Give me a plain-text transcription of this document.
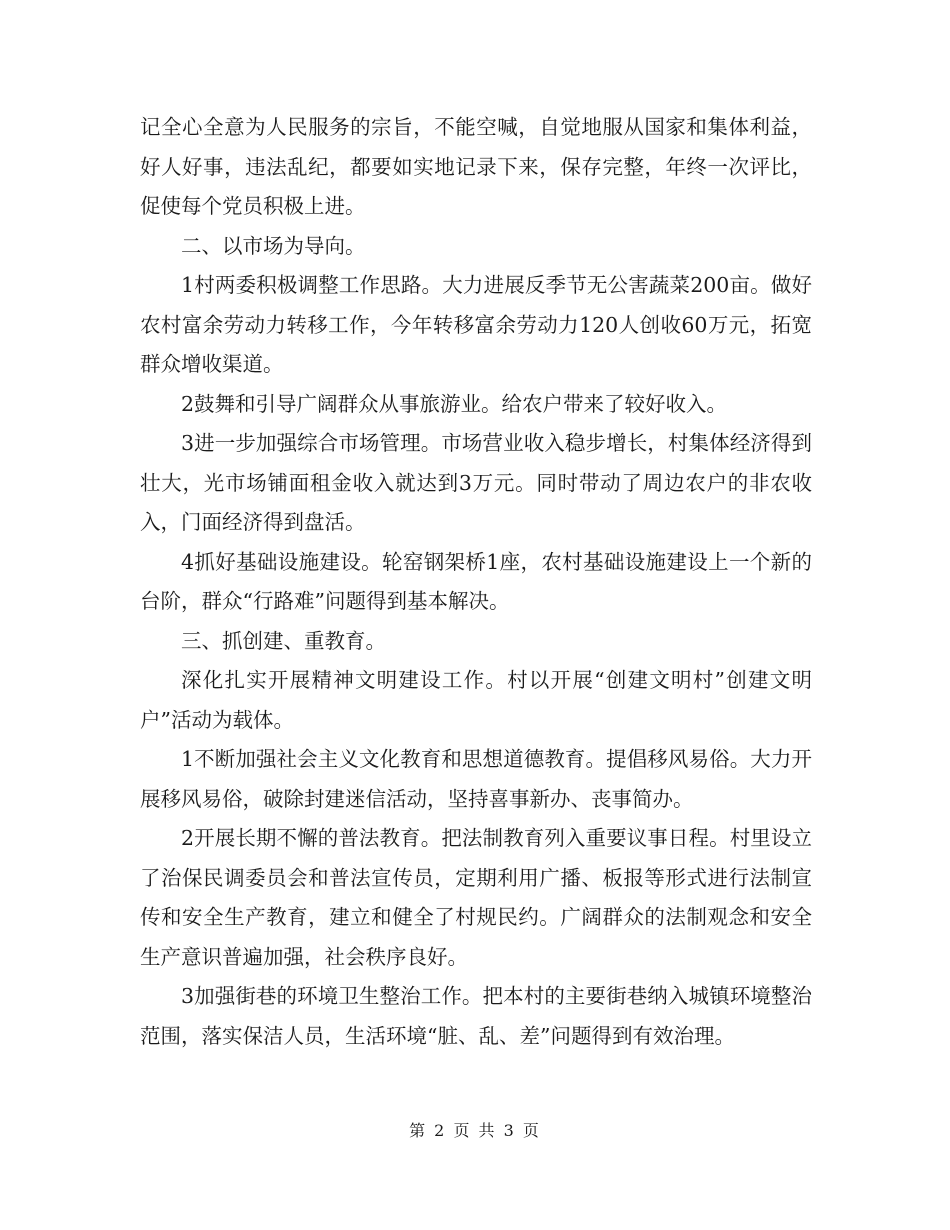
记全心全意为人民服务的宗旨，不能空喊，自觉地服从国家和集体利益，好人好事，违法乱纪，都要如实地记录下来，保存完整，年终一次评比，促使每个党员积极上进。

二、以市场为导向。

1村两委积极调整工作思路。大力进展反季节无公害蔬菜200亩。做好农村富余劳动力转移工作，今年转移富余劳动力120人创收60万元，拓宽群众增收渠道。

2鼓舞和引导广阔群众从事旅游业。给农户带来了较好收入。

3进一步加强综合市场管理。市场营业收入稳步增长，村集体经济得到壮大，光市场铺面租金收入就达到3万元。同时带动了周边农户的非农收入，门面经济得到盘活。

4抓好基础设施建设。轮窑钢架桥1座，农村基础设施建设上一个新的台阶，群众“行路难”问题得到基本解决。

三、抓创建、重教育。

深化扎实开展精神文明建设工作。村以开展“创建文明村”创建文明户”活动为载体。

1不断加强社会主义文化教育和思想道德教育。提倡移风易俗。大力开展移风易俗，破除封建迷信活动，坚持喜事新办、丧事简办。

2开展长期不懈的普法教育。把法制教育列入重要议事日程。村里设立了治保民调委员会和普法宣传员，定期利用广播、板报等形式进行法制宣传和安全生产教育，建立和健全了村规民约。广阔群众的法制观念和安全生产意识普遍加强，社会秩序良好。

3加强街巷的环境卫生整治工作。把本村的主要街巷纳入城镇环境整治范围，落实保洁人员，生活环境“脏、乱、差”问题得到有效治理。

第 2 页 共 3 页
